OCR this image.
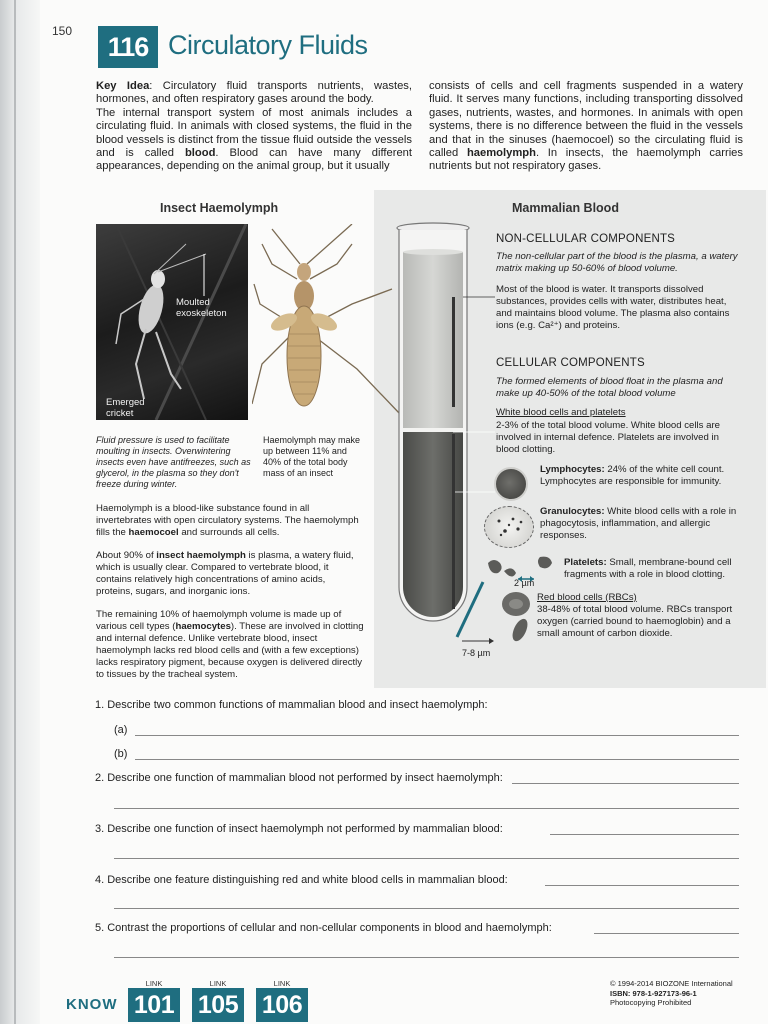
150
116 Circulatory Fluids
Key Idea: Circulatory fluid transports nutrients, wastes, hormones, and often respiratory gases around the body.
The internal transport system of most animals includes a circulating fluid. In animals with closed systems, the fluid in the blood vessels is distinct from the tissue fluid outside the vessels and is called blood. Blood can have many different appearances, depending on the animal group, but it usually
consists of cells and cell fragments suspended in a watery fluid. It serves many functions, including transporting dissolved gases, nutrients, wastes, and hormones. In animals with open systems, there is no difference between the fluid in the vessels and that in the sinuses (haemocoel) so the circulating fluid is called haemolymph. In insects, the haemolymph carries nutrients but not respiratory gases.
Insect Haemolymph
Moulted exoskeleton
Emerged cricket
Fluid pressure is used to facilitate moulting in insects. Overwintering insects even have antifreezes, such as glycerol, in the plasma so they don't freeze during winter.
Haemolymph may make up between 11% and 40% of the total body mass of an insect
Haemolymph is a blood-like substance found in all invertebrates with open circulatory systems. The haemolymph fills the haemocoel and surrounds all cells.
About 90% of insect haemolymph is plasma, a watery fluid, which is usually clear. Compared to vertebrate blood, it contains relatively high concentrations of amino acids, proteins, sugars, and inorganic ions.
The remaining 10% of haemolymph volume is made up of various cell types (haemocytes). These are involved in clotting and internal defence. Unlike vertebrate blood, insect haemolymph lacks red blood cells and (with a few exceptions) lacks respiratory pigment, because oxygen is delivered directly to tissues by the tracheal system.
Mammalian Blood
NON-CELLULAR COMPONENTS
The non-cellular part of the blood is the plasma, a watery matrix making up 50-60% of blood volume.
Most of the blood is water. It transports dissolved substances, provides cells with water, distributes heat, and maintains blood volume. The plasma also contains ions (e.g. Ca²⁺) and proteins.
CELLULAR COMPONENTS
The formed elements of blood float in the plasma and make up 40-50% of the total blood volume
White blood cells and platelets
2-3% of the total blood volume. White blood cells are involved in internal defence. Platelets are involved in blood clotting.
Lymphocytes: 24% of the white cell count. Lymphocytes are responsible for immunity.
Granulocytes: White blood cells with a role in phagocytosis, inflammation, and allergic responses.
2 µm
Platelets: Small, membrane-bound cell fragments with a role in blood clotting.
Red blood cells (RBCs)
38-48% of total blood volume. RBCs transport oxygen (carried bound to haemoglobin) and a small amount of carbon dioxide.
7-8 µm
1. Describe two common functions of mammalian blood and insect haemolymph:
(a)
(b)
2. Describe one function of mammalian blood not performed by insect haemolymph:
3. Describe one function of insect haemolymph not performed by mammalian blood:
4. Describe one feature distinguishing red and white blood cells in mammalian blood:
5. Contrast the proportions of cellular and non-cellular components in blood and haemolymph:
KNOW
LINK	LINK	LINK
101 105 106
© 1994-2014 BIOZONE International
ISBN: 978-1-927173-96-1
Photocopying Prohibited
